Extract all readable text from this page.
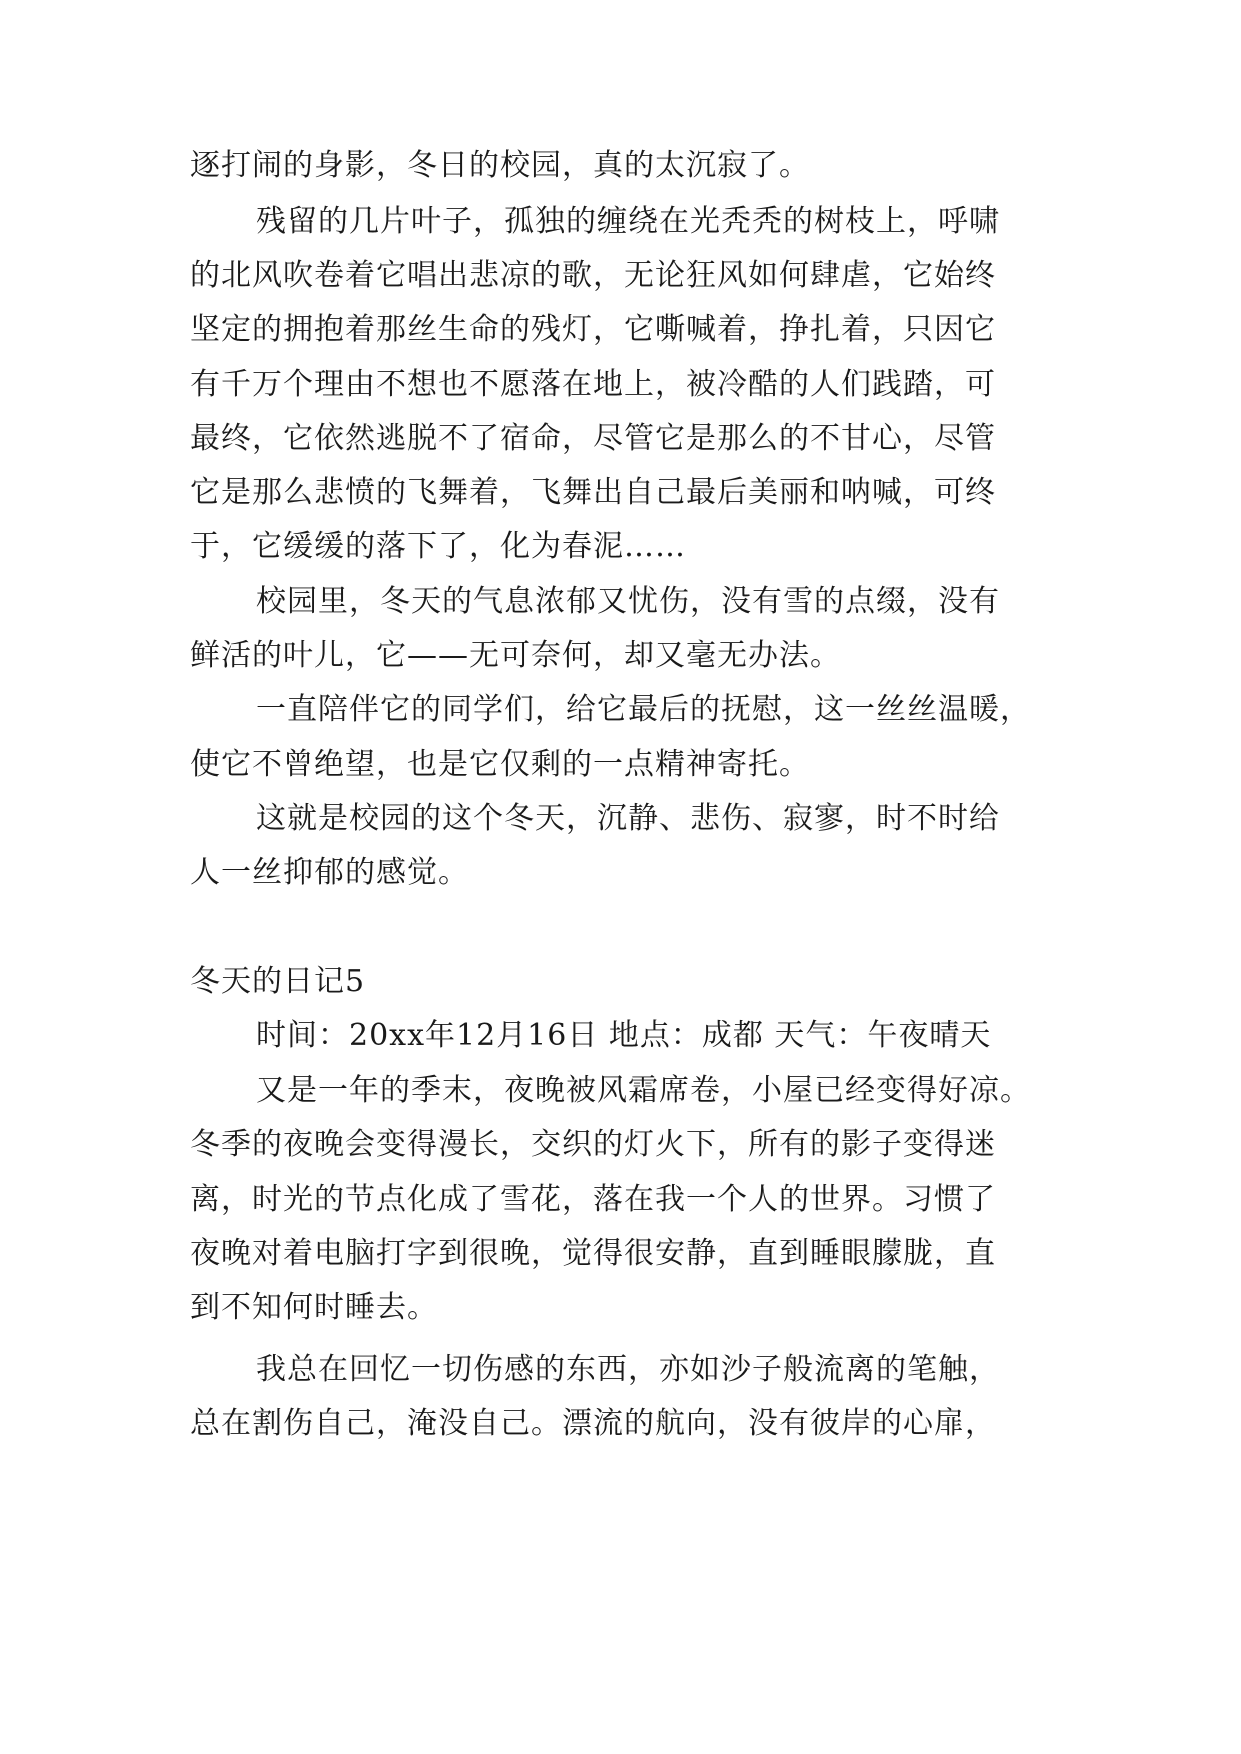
逐打闹的身影，冬日的校园，真的太沉寂了。
残留的几片叶子，孤独的缠绕在光秃秃的树枝上，呼啸
的北风吹卷着它唱出悲凉的歌，无论狂风如何肆虐，它始终
坚定的拥抱着那丝生命的残灯，它嘶喊着，挣扎着，只因它
有千万个理由不想也不愿落在地上，被冷酷的人们践踏，可
最终，它依然逃脱不了宿命，尽管它是那么的不甘心，尽管
它是那么悲愤的飞舞着，飞舞出自己最后美丽和呐喊，可终
于，它缓缓的落下了，化为春泥……
校园里，冬天的气息浓郁又忧伤，没有雪的点缀，没有
鲜活的叶儿，它——无可奈何，却又毫无办法。
一直陪伴它的同学们，给它最后的抚慰，这一丝丝温暖，
使它不曾绝望，也是它仅剩的一点精神寄托。
这就是校园的这个冬天，沉静、悲伤、寂寥，时不时给
人一丝抑郁的感觉。
冬天的日记5
时间：20xx年12月16日 地点：成都 天气：午夜晴天
又是一年的季末，夜晚被风霜席卷，小屋已经变得好凉。
冬季的夜晚会变得漫长，交织的灯火下，所有的影子变得迷
离，时光的节点化成了雪花，落在我一个人的世界。习惯了
夜晚对着电脑打字到很晚，觉得很安静，直到睡眼朦胧，直
到不知何时睡去。
我总在回忆一切伤感的东西，亦如沙子般流离的笔触，
总在割伤自己，淹没自己。漂流的航向，没有彼岸的心扉，
